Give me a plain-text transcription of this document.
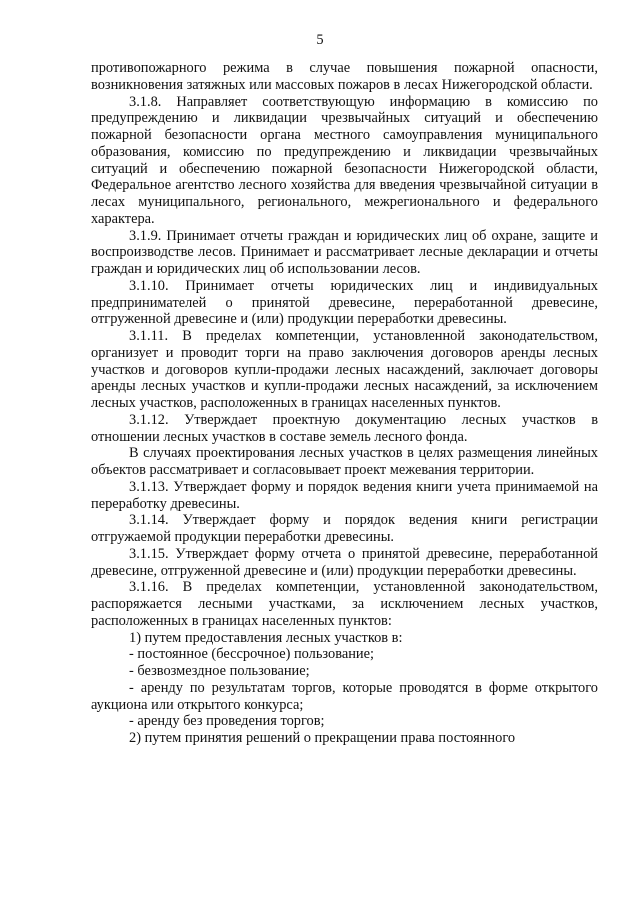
5

противопожарного режима в случае повышения пожарной опасности, возникновения затяжных или массовых пожаров в лесах Нижегородской области.

3.1.8. Направляет соответствующую информацию в комиссию по предупреждению и ликвидации чрезвычайных ситуаций и обеспечению пожарной безопасности органа местного самоуправления муниципального образования, комиссию по предупреждению и ликвидации чрезвычайных ситуаций и обеспечению пожарной безопасности Нижегородской области, Федеральное агентство лесного хозяйства для введения чрезвычайной ситуации в лесах муниципального, регионального, межрегионального и федерального характера.

3.1.9. Принимает отчеты граждан и юридических лиц об охране, защите и воспроизводстве лесов. Принимает и рассматривает лесные декларации и отчеты граждан и юридических лиц об использовании лесов.

3.1.10. Принимает отчеты юридических лиц и индивидуальных предпринимателей о принятой древесине, переработанной древесине, отгруженной древесине и (или) продукции переработки древесины.

3.1.11. В пределах компетенции, установленной законодательством, организует и проводит торги на право заключения договоров аренды лесных участков и договоров купли-продажи лесных насаждений, заключает договоры аренды лесных участков и купли-продажи лесных насаждений, за исключением лесных участков, расположенных в границах населенных пунктов.

3.1.12. Утверждает проектную документацию лесных участков в отношении лесных участков в составе земель лесного фонда.

В случаях проектирования лесных участков в целях размещения линейных объектов рассматривает и согласовывает проект межевания территории.

3.1.13. Утверждает форму и порядок ведения книги учета принимаемой на переработку древесины.

3.1.14. Утверждает форму и порядок ведения книги регистрации отгружаемой продукции переработки древесины.

3.1.15. Утверждает форму отчета о принятой древесине, переработанной древесине, отгруженной древесине и (или) продукции переработки древесины.

3.1.16. В пределах компетенции, установленной законодательством, распоряжается лесными участками, за исключением лесных участков, расположенных в границах населенных пунктов:

1) путем предоставления лесных участков в:

- постоянное (бессрочное) пользование;

- безвозмездное пользование;

- аренду по результатам торгов, которые проводятся в форме открытого аукциона или открытого конкурса;

- аренду без проведения торгов;

2) путем принятия решений о прекращении права постоянного
